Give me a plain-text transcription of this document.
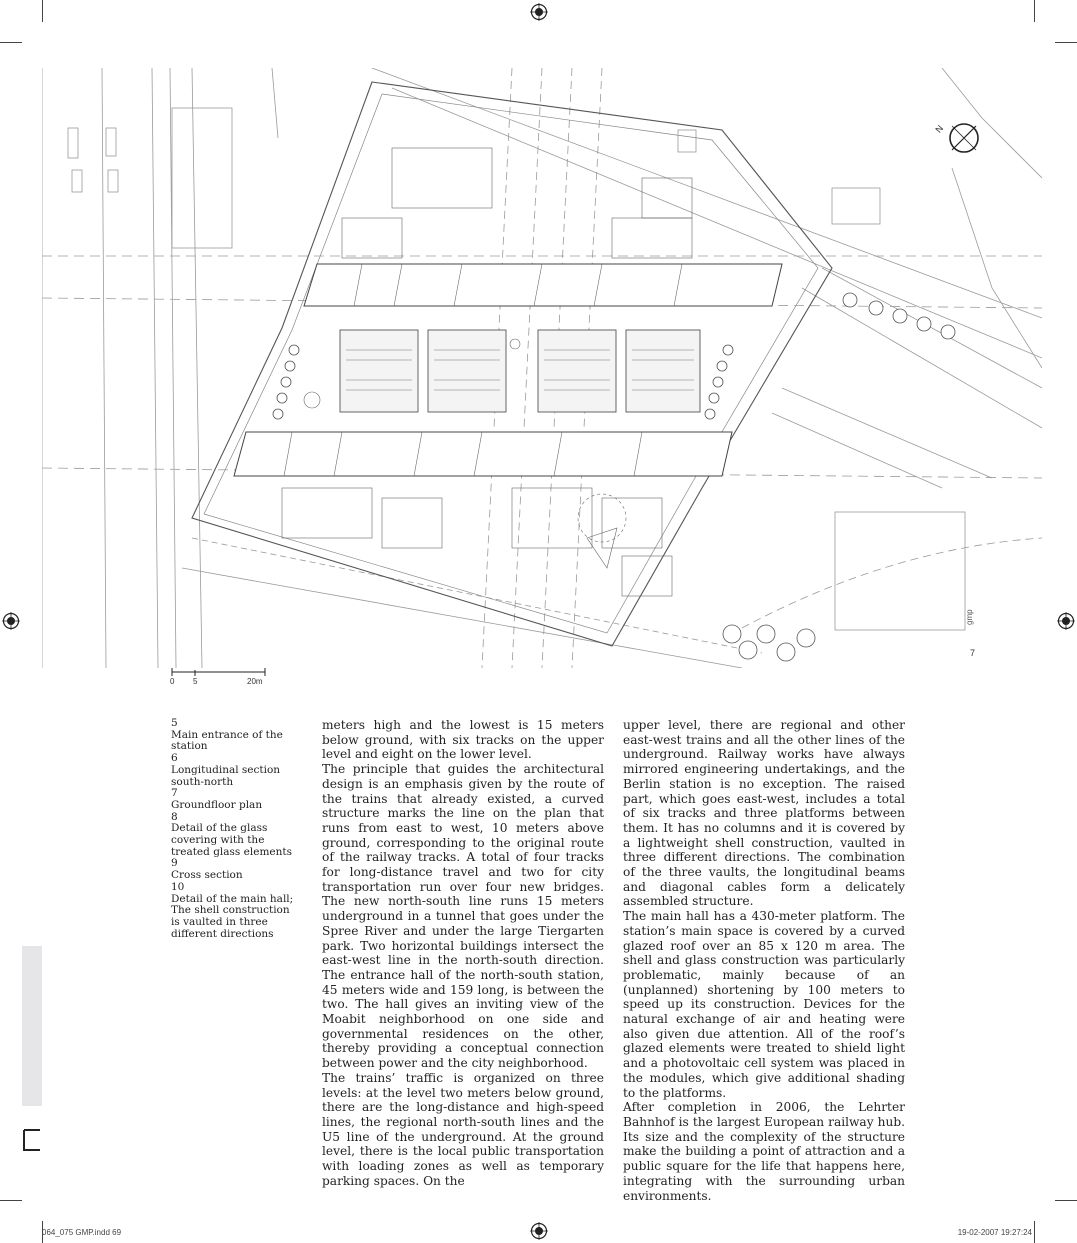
N
gmp
7
0 5	20m
5
Main entrance of the station
6
Longitudinal section south-north
7
Groundfloor plan
8
Detail of the glass covering with the treated glass elements
9
Cross section
10
Detail of the main hall; The shell construction is vaulted in three different directions

meters high and the lowest is 15 meters below ground, with six tracks on the upper level and eight on the lower level.

The principle that guides the architectural design is an emphasis given by the route of the trains that already existed, a curved structure marks the line on the plan that runs from east to west, 10 meters above ground, corresponding to the original route of the railway tracks. A total of four tracks for long-distance travel and two for city transportation run over four new bridges. The new north-south line runs 15 meters underground in a tunnel that goes under the Spree River and under the large Tiergarten park. Two horizontal buildings intersect the east-west line in the north-south direction. The entrance hall of the north-south station, 45 meters wide and 159 long, is between the two. The hall gives an inviting view of the Moabit neighborhood on one side and governmental residences on the other, thereby providing a conceptual connection between power and the city neighborhood.

The trains’ traffic is organized on three levels: at the level two meters below ground, there are the long-distance and high-speed lines, the regional north-south lines and the U5 line of the underground. At the ground level, there is the local public transportation with loading zones as well as temporary parking spaces. On the

upper level, there are regional and other east-west trains and all the other lines of the underground. Railway works have always mirrored engineering undertakings, and the Berlin station is no exception. The raised part, which goes east-west, includes a total of six tracks and three platforms between them. It has no columns and it is covered by a lightweight shell construction, vaulted in three different directions. The combination of the three vaults, the longitudinal beams and diagonal cables form a delicately assembled structure.

The main hall has a 430-meter platform. The station’s main space is covered by a curved glazed roof over an 85 x 120 m area. The shell and glass construction was particularly problematic, mainly because of an (unplanned) shortening by 100 meters to speed up its construction. Devices for the natural exchange of air and heating were also given due attention. All of the roof’s glazed elements were treated to shield light and a photovoltaic cell system was placed in the modules, which give additional shading to the platforms.

After completion in 2006, the Lehrter Bahnhof is the largest European railway hub. Its size and the complexity of the structure make the building a point of attraction and a public square for the life that happens here, integrating with the surrounding urban environments.

064_075 GMP.indd 69	19-02-2007 19:27:24
